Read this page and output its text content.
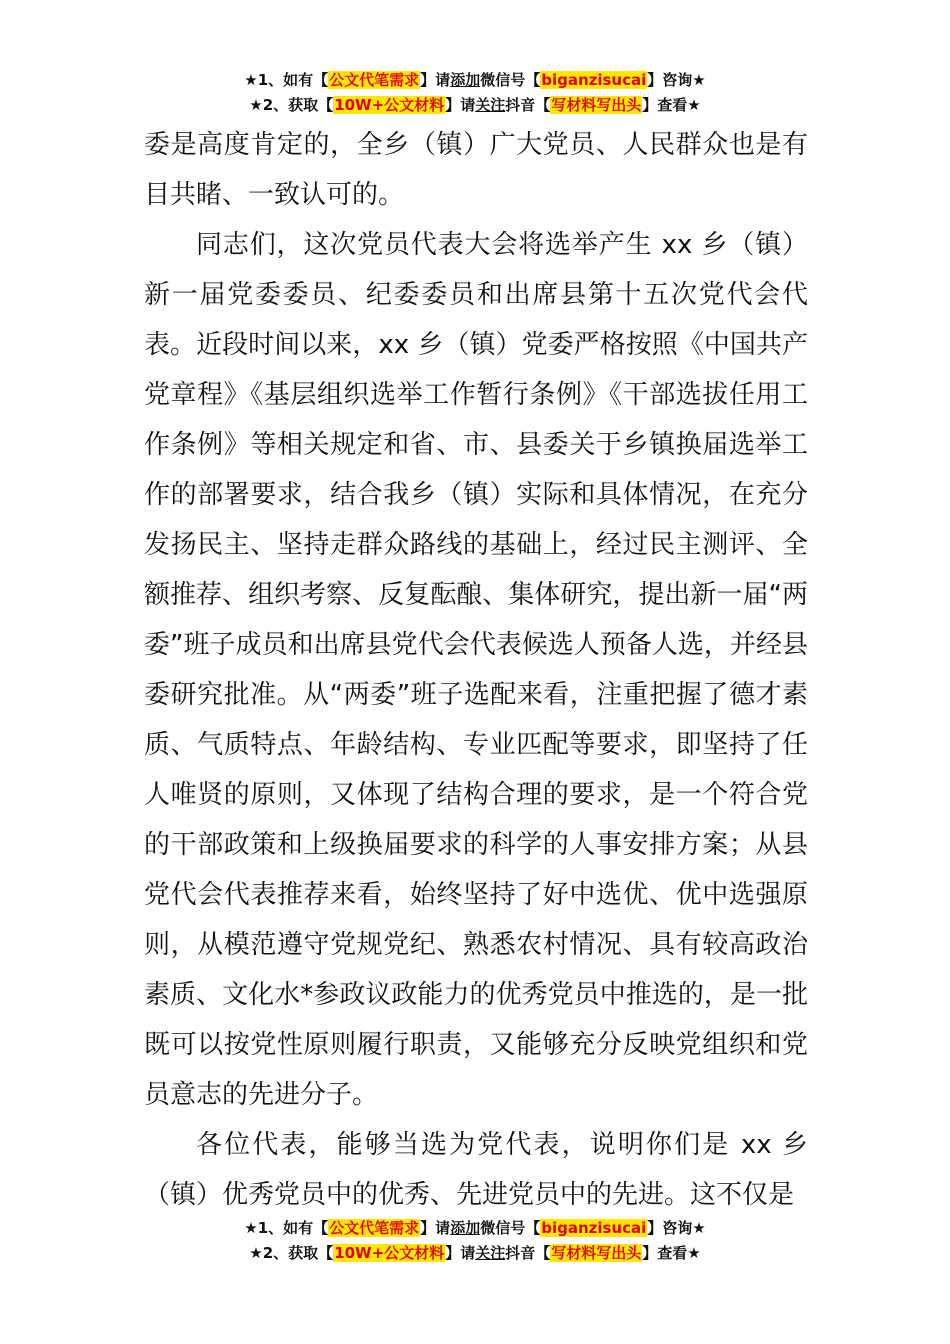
★1、如有【公文代笔需求】请添加微信号【biganzisucai】咨询★
★2、获取【10W+公文材料】请关注抖音【写材料写出头】查看★

委是高度肯定的，全乡（镇）广大党员、人民群众也是有目共睹、一致认可的。

同志们，这次党员代表大会将选举产生 xx 乡（镇）新一届党委委员、纪委委员和出席县第十五次党代会代表。近段时间以来，xx 乡（镇）党委严格按照《中国共产党章程》《基层组织选举工作暂行条例》《干部选拔任用工作条例》等相关规定和省、市、县委关于乡镇换届选举工作的部署要求，结合我乡（镇）实际和具体情况，在充分发扬民主、坚持走群众路线的基础上，经过民主测评、全额推荐、组织考察、反复酝酿、集体研究，提出新一届“两委”班子成员和出席县党代会代表候选人预备人选，并经县委研究批准。从“两委”班子选配来看，注重把握了德才素质、气质特点、年龄结构、专业匹配等要求，即坚持了任人唯贤的原则，又体现了结构合理的要求，是一个符合党的干部政策和上级换届要求的科学的人事安排方案；从县党代会代表推荐来看，始终坚持了好中选优、优中选强原则，从模范遵守党规党纪、熟悉农村情况、具有较高政治素质、文化水*参政议政能力的优秀党员中推选的，是一批既可以按党性原则履行职责，又能够充分反映党组织和党员意志的先进分子。

各位代表，能够当选为党代表，说明你们是 xx 乡（镇）优秀党员中的优秀、先进党员中的先进。这不仅是

★1、如有【公文代笔需求】请添加微信号【biganzisucai】咨询★
★2、获取【10W+公文材料】请关注抖音【写材料写出头】查看★
